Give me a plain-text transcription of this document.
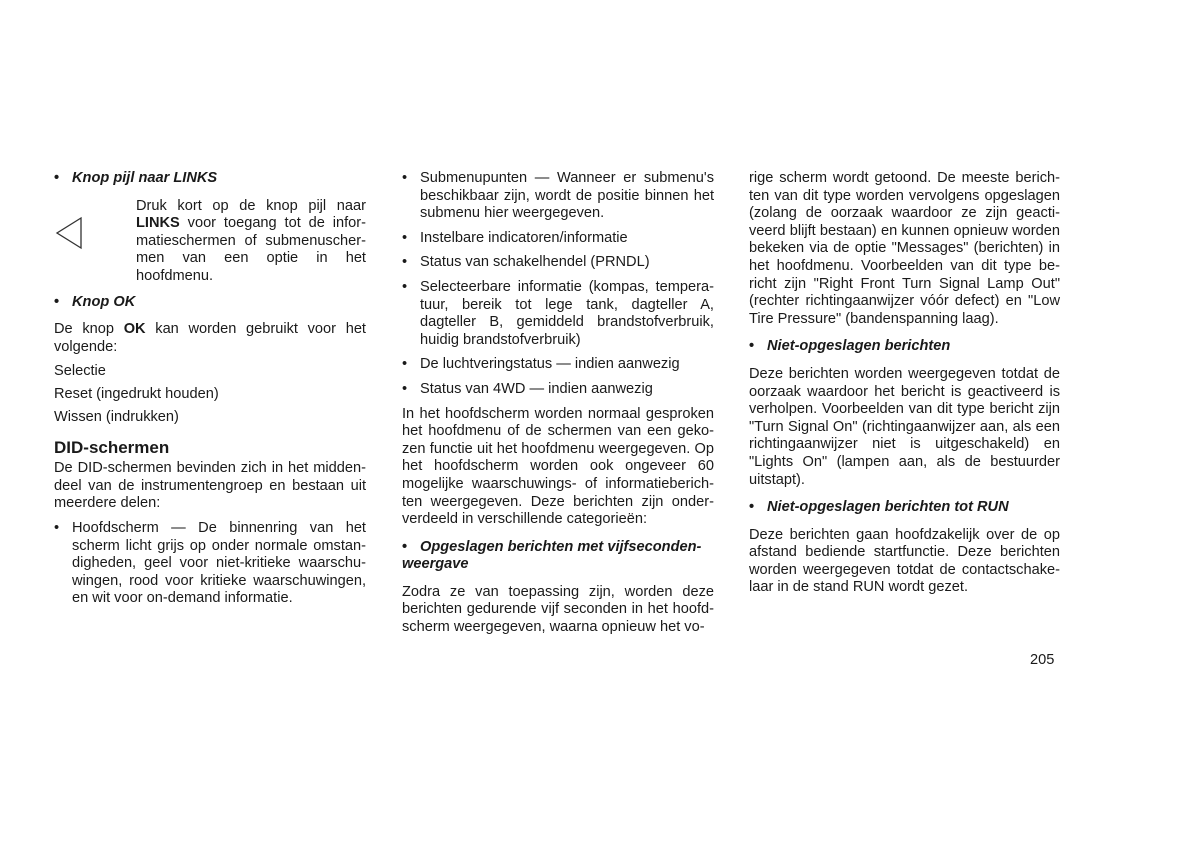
• Knop pijl naar LINKS

Druk kort op de knop pijl naar LINKS voor toegang tot de informatieschermen of submenuschermen van een optie in het hoofdmenu.

• Knop OK

De knop OK kan worden gebruikt voor het volgende:

Selectie

Reset (ingedrukt houden)

Wissen (indrukken)

DID-schermen

De DID-schermen bevinden zich in het middendeel van de instrumentengroep en bestaan uit meerdere delen:

• Hoofdscherm — De binnenring van het scherm licht grijs op onder normale omstandigheden, geel voor niet-kritieke waarschuwingen, rood voor kritieke waarschuwingen, en wit voor on-demand informatie.
• Submenupunten — Wanneer er submenu's beschikbaar zijn, wordt de positie binnen het submenu hier weergegeven.
• Instelbare indicatoren/informatie
• Status van schakelhendel (PRNDL)
• Selecteerbare informatie (kompas, temperatuur, bereik tot lege tank, dagteller A, dagteller B, gemiddeld brandstofverbruik, huidig brandstofverbruik)
• De luchtveringstatus — indien aanwezig
• Status van 4WD — indien aanwezig

In het hoofdscherm worden normaal gesproken het hoofdmenu of de schermen van een gekozen functie uit het hoofdmenu weergegeven. Op het hoofdscherm worden ook ongeveer 60 mogelijke waarschuwings- of informatieberichten weergegeven. Deze berichten zijn onderverdeeld in verschillende categorieën:

• Opgeslagen berichten met vijfseconden-weergave

Zodra ze van toepassing zijn, worden deze berichten gedurende vijf seconden in het hoofdscherm weergegeven, waarna opnieuw het vo-

rige scherm wordt getoond. De meeste berichten van dit type worden vervolgens opgeslagen (zolang de oorzaak waardoor ze zijn geactiveerd blijft bestaan) en kunnen opnieuw worden bekeken via de optie "Messages" (berichten) in het hoofdmenu. Voorbeelden van dit type bericht zijn "Right Front Turn Signal Lamp Out" (rechter richtingaanwijzer vóór defect) en "Low Tire Pressure" (bandenspanning laag).

• Niet-opgeslagen berichten

Deze berichten worden weergegeven totdat de oorzaak waardoor het bericht is geactiveerd is verholpen. Voorbeelden van dit type bericht zijn "Turn Signal On" (richtingaanwijzer aan, als een richtingaanwijzer niet is uitgeschakeld) en "Lights On" (lampen aan, als de bestuurder uitstapt).

• Niet-opgeslagen berichten tot RUN

Deze berichten gaan hoofdzakelijk over de op afstand bediende startfunctie. Deze berichten worden weergegeven totdat de contactschakelaar in de stand RUN wordt gezet.

205
